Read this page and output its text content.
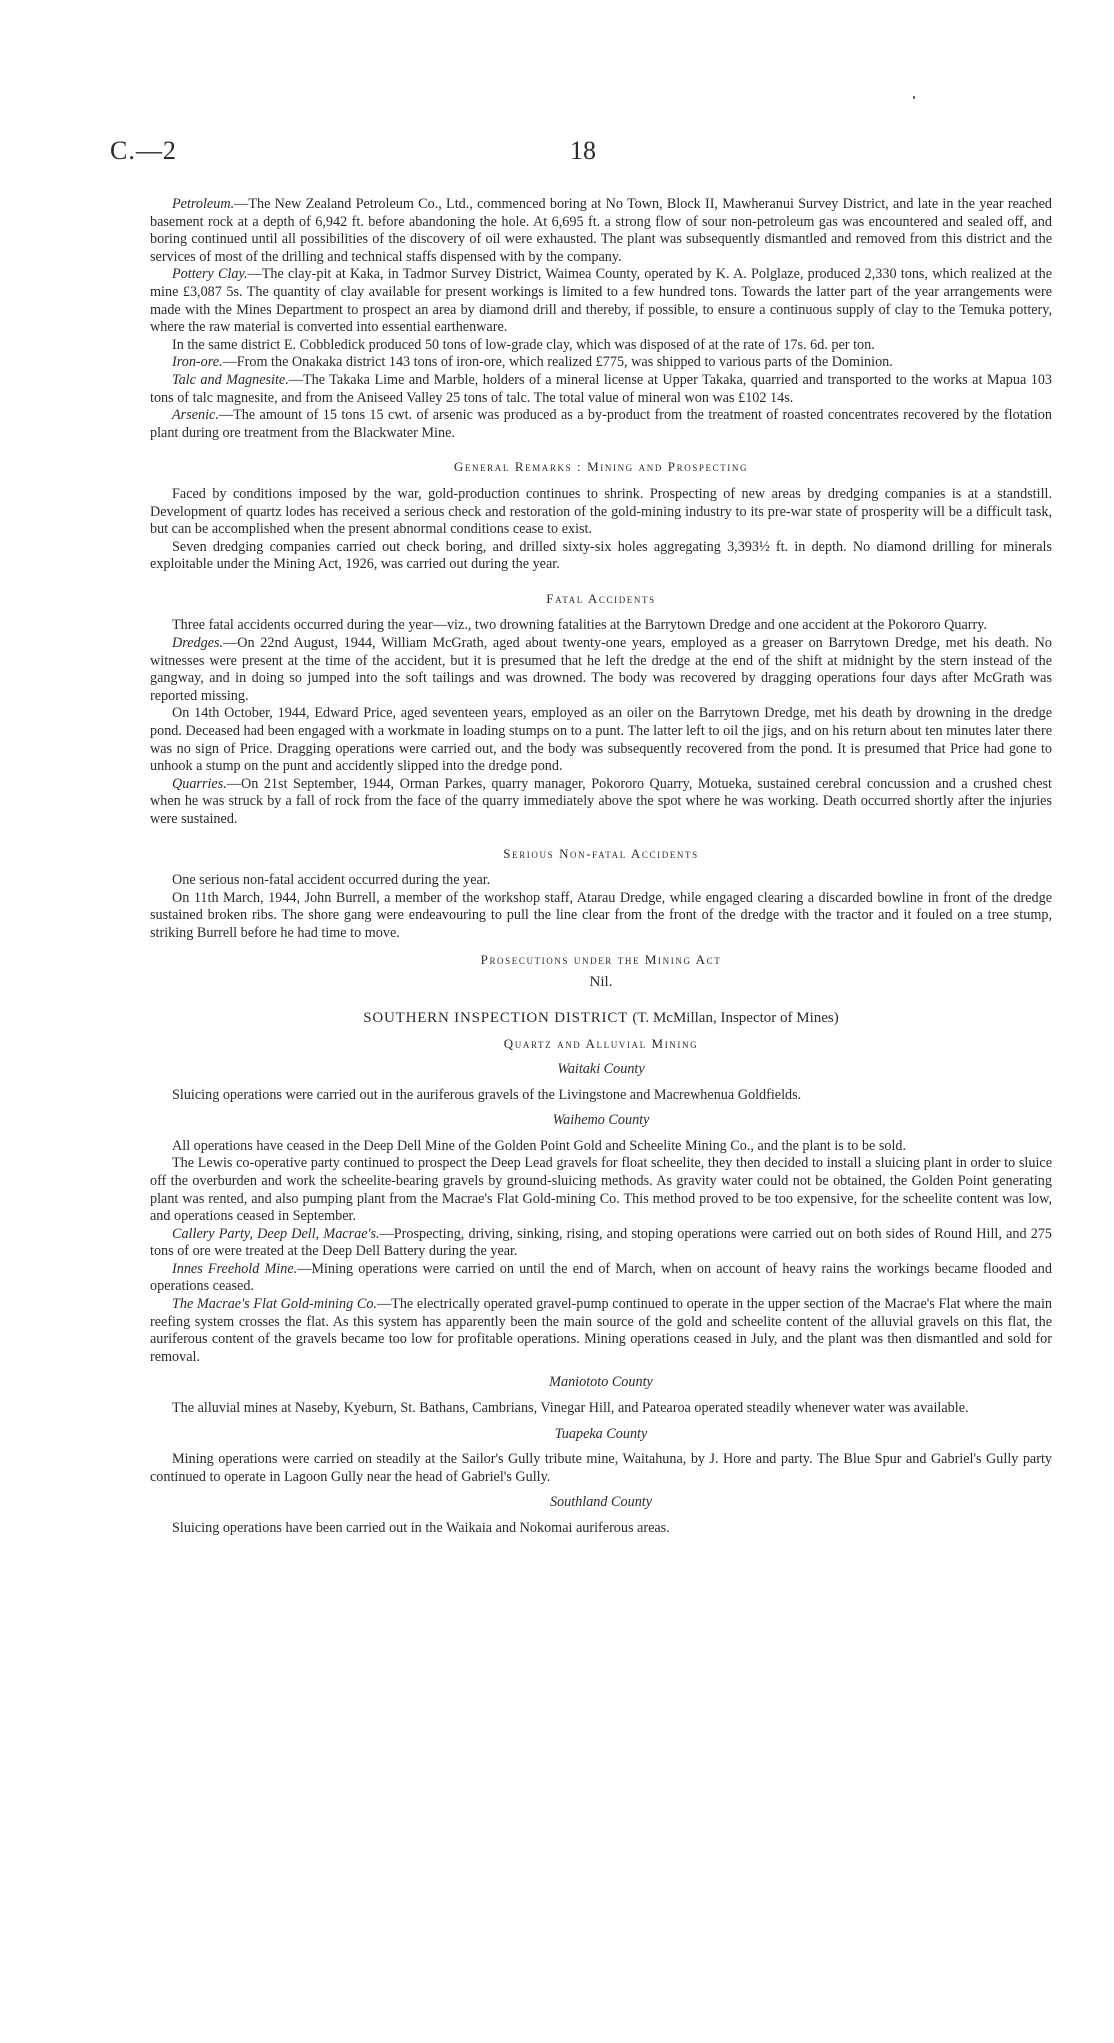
C.—2	18

Petroleum.—The New Zealand Petroleum Co., Ltd., commenced boring at No Town, Block II, Mawheranui Survey District, and late in the year reached basement rock at a depth of 6,942 ft. before abandoning the hole. At 6,695 ft. a strong flow of sour non-petroleum gas was encountered and sealed off, and boring continued until all possibilities of the discovery of oil were exhausted. The plant was subsequently dismantled and removed from this district and the services of most of the drilling and technical staffs dispensed with by the company.

Pottery Clay.—The clay-pit at Kaka, in Tadmor Survey District, Waimea County, operated by K. A. Polglaze, produced 2,330 tons, which realized at the mine £3,087 5s. The quantity of clay available for present workings is limited to a few hundred tons. Towards the latter part of the year arrangements were made with the Mines Department to prospect an area by diamond drill and thereby, if possible, to ensure a continuous supply of clay to the Temuka pottery, where the raw material is converted into essential earthenware.

In the same district E. Cobbledick produced 50 tons of low-grade clay, which was disposed of at the rate of 17s. 6d. per ton.

Iron-ore.—From the Onakaka district 143 tons of iron-ore, which realized £775, was shipped to various parts of the Dominion.

Talc and Magnesite.—The Takaka Lime and Marble, holders of a mineral license at Upper Takaka, quarried and transported to the works at Mapua 103 tons of talc magnesite, and from the Aniseed Valley 25 tons of talc. The total value of mineral won was £102 14s.

Arsenic.—The amount of 15 tons 15 cwt. of arsenic was produced as a by-product from the treatment of roasted concentrates recovered by the flotation plant during ore treatment from the Blackwater Mine.

General Remarks : Mining and Prospecting

Faced by conditions imposed by the war, gold-production continues to shrink. Prospecting of new areas by dredging companies is at a standstill. Development of quartz lodes has received a serious check and restoration of the gold-mining industry to its pre-war state of prosperity will be a difficult task, but can be accomplished when the present abnormal conditions cease to exist.

Seven dredging companies carried out check boring, and drilled sixty-six holes aggregating 3,393½ ft. in depth. No diamond drilling for minerals exploitable under the Mining Act, 1926, was carried out during the year.

Fatal Accidents

Three fatal accidents occurred during the year—viz., two drowning fatalities at the Barrytown Dredge and one accident at the Pokororo Quarry.

Dredges.—On 22nd August, 1944, William McGrath, aged about twenty-one years, employed as a greaser on Barrytown Dredge, met his death. No witnesses were present at the time of the accident, but it is presumed that he left the dredge at the end of the shift at midnight by the stern instead of the gangway, and in doing so jumped into the soft tailings and was drowned. The body was recovered by dragging operations four days after McGrath was reported missing.

On 14th October, 1944, Edward Price, aged seventeen years, employed as an oiler on the Barrytown Dredge, met his death by drowning in the dredge pond. Deceased had been engaged with a workmate in loading stumps on to a punt. The latter left to oil the jigs, and on his return about ten minutes later there was no sign of Price. Dragging operations were carried out, and the body was subsequently recovered from the pond. It is presumed that Price had gone to unhook a stump on the punt and accidently slipped into the dredge pond.

Quarries.—On 21st September, 1944, Orman Parkes, quarry manager, Pokororo Quarry, Motueka, sustained cerebral concussion and a crushed chest when he was struck by a fall of rock from the face of the quarry immediately above the spot where he was working. Death occurred shortly after the injuries were sustained.

Serious Non-fatal Accidents

One serious non-fatal accident occurred during the year.

On 11th March, 1944, John Burrell, a member of the workshop staff, Atarau Dredge, while engaged clearing a discarded bowline in front of the dredge sustained broken ribs. The shore gang were endeavouring to pull the line clear from the front of the dredge with the tractor and it fouled on a tree stump, striking Burrell before he had time to move.

Prosecutions under the Mining Act
Nil.
SOUTHERN INSPECTION DISTRICT (T. McMillan, Inspector of Mines)
Quartz and Alluvial Mining
Waitaki County

Sluicing operations were carried out in the auriferous gravels of the Livingstone and Macrewhenua Goldfields.

Waihemo County

All operations have ceased in the Deep Dell Mine of the Golden Point Gold and Scheelite Mining Co., and the plant is to be sold.

The Lewis co-operative party continued to prospect the Deep Lead gravels for float scheelite, they then decided to install a sluicing plant in order to sluice off the overburden and work the scheelite-bearing gravels by ground-sluicing methods. As gravity water could not be obtained, the Golden Point generating plant was rented, and also pumping plant from the Macrae's Flat Gold-mining Co. This method proved to be too expensive, for the scheelite content was low, and operations ceased in September.

Callery Party, Deep Dell, Macrae's.—Prospecting, driving, sinking, rising, and stoping operations were carried out on both sides of Round Hill, and 275 tons of ore were treated at the Deep Dell Battery during the year.

Innes Freehold Mine.—Mining operations were carried on until the end of March, when on account of heavy rains the workings became flooded and operations ceased.

The Macrae's Flat Gold-mining Co.—The electrically operated gravel-pump continued to operate in the upper section of the Macrae's Flat where the main reefing system crosses the flat. As this system has apparently been the main source of the gold and scheelite content of the alluvial gravels on this flat, the auriferous content of the gravels became too low for profitable operations. Mining operations ceased in July, and the plant was then dismantled and sold for removal.

Maniototo County

The alluvial mines at Naseby, Kyeburn, St. Bathans, Cambrians, Vinegar Hill, and Patearoa operated steadily whenever water was available.

Tuapeka County

Mining operations were carried on steadily at the Sailor's Gully tribute mine, Waitahuna, by J. Hore and party. The Blue Spur and Gabriel's Gully party continued to operate in Lagoon Gully near the head of Gabriel's Gully.

Southland County

Sluicing operations have been carried out in the Waikaia and Nokomai auriferous areas.
